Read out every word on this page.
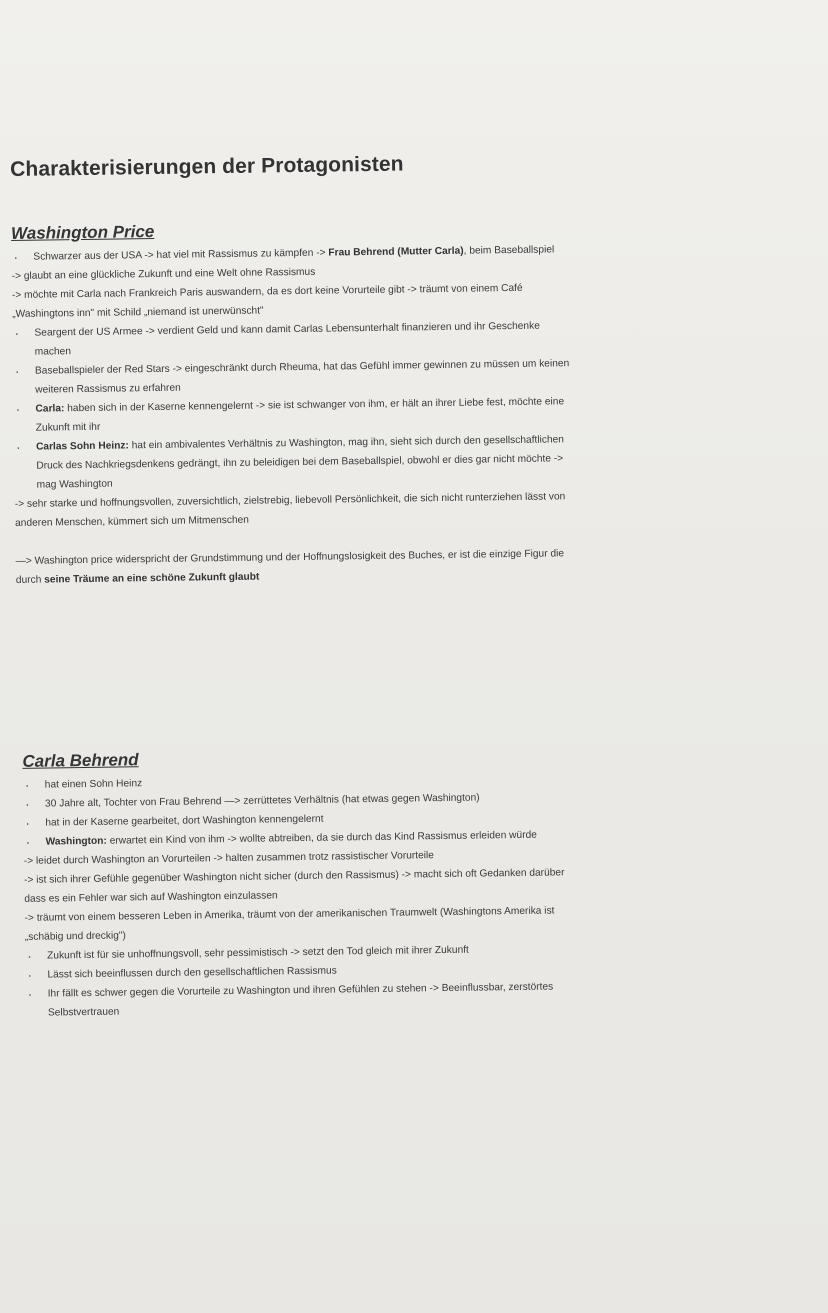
Charakterisierungen der Protagonisten
Washington Price
· Schwarzer aus der USA -> hat viel mit Rassismus zu kämpfen -> Frau Behrend (Mutter Carla), beim Baseballspiel
-> glaubt an eine glückliche Zukunft und eine Welt ohne Rassismus
-> möchte mit Carla nach Frankreich Paris auswandern, da es dort keine Vorurteile gibt -> träumt von einem Café
„Washingtons inn" mit Schild „niemand ist unerwünscht"
· Seargent der US Armee -> verdient Geld und kann damit Carlas Lebensunterhalt finanzieren und ihr Geschenke
machen
· Baseballspieler der Red Stars -> eingeschränkt durch Rheuma, hat das Gefühl immer gewinnen zu müssen um keinen
weiteren Rassismus zu erfahren
· Carla: haben sich in der Kaserne kennengelernt -> sie ist schwanger von ihm, er hält an ihrer Liebe fest, möchte eine
Zukunft mit ihr
· Carlas Sohn Heinz: hat ein ambivalentes Verhältnis zu Washington, mag ihn, sieht sich durch den gesellschaftlichen
Druck des Nachkriegsdenkens gedrängt, ihn zu beleidigen bei dem Baseballspiel, obwohl er dies gar nicht möchte ->
mag Washington
-> sehr starke und hoffnungsvollen, zuversichtlich, zielstrebig, liebevoll Persönlichkeit, die sich nicht runterziehen lässt von
anderen Menschen, kümmert sich um Mitmenschen
—> Washington price widerspricht der Grundstimmung und der Hoffnungslosigkeit des Buches, er ist die einzige Figur die
durch seine Träume an eine schöne Zukunft glaubt
Carla Behrend
· hat einen Sohn Heinz
· 30 Jahre alt, Tochter von Frau Behrend —> zerrüttetes Verhältnis (hat etwas gegen Washington)
· hat in der Kaserne gearbeitet, dort Washington kennengelernt
· Washington: erwartet ein Kind von ihm -> wollte abtreiben, da sie durch das Kind Rassismus erleiden würde
-> leidet durch Washington an Vorurteilen -> halten zusammen trotz rassistischer Vorurteile
-> ist sich ihrer Gefühle gegenüber Washington nicht sicher (durch den Rassismus) -> macht sich oft Gedanken darüber
dass es ein Fehler war sich auf Washington einzulassen
-> träumt von einem besseren Leben in Amerika, träumt von der amerikanischen Traumwelt (Washingtons Amerika ist
„schäbig und dreckig")
· Zukunft ist für sie unhoffnungsvoll, sehr pessimistisch -> setzt den Tod gleich mit ihrer Zukunft
· Lässt sich beeinflussen durch den gesellschaftlichen Rassismus
· Ihr fällt es schwer gegen die Vorurteile zu Washington und ihren Gefühlen zu stehen -> Beeinflussbar, zerstörtes
Selbstvertrauen
